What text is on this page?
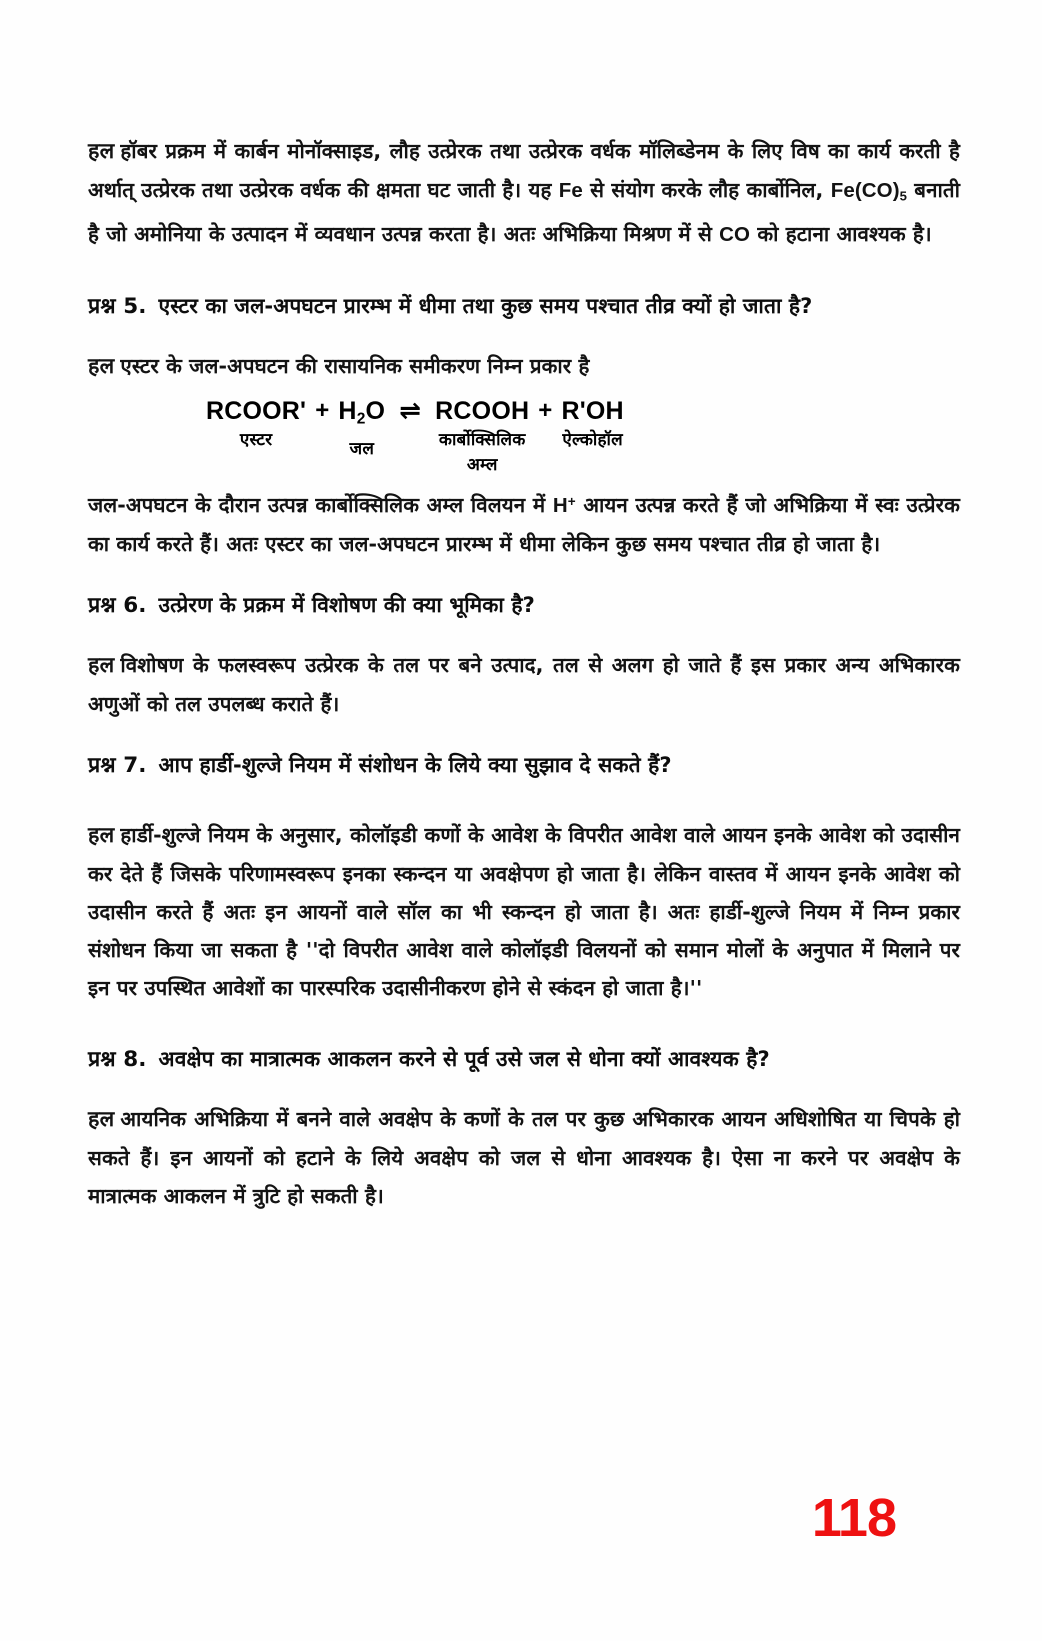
हल हॉबर प्रक्रम में कार्बन मोनॉक्साइड, लौह उत्प्रेरक तथा उत्प्रेरक वर्धक मॉलिब्डेनम के लिए विष का कार्य करती है अर्थात् उत्प्रेरक तथा उत्प्रेरक वर्धक की क्षमता घट जाती है। यह Fe से संयोग करके लौह कार्बोनिल, $Fe(CO)_5$ बनाती है जो अमोनिया के उत्पादन में व्यवधान उत्पन्न करता है। अतः अभिक्रिया मिश्रण में से CO को हटाना आवश्यक है।

प्रश्न 5. एस्टर का जल-अपघटन प्रारम्भ में धीमा तथा कुछ समय पश्चात तीव्र क्यों हो जाता है?

हल एस्टर के जल-अपघटन की रासायनिक समीकरण निम्न प्रकार है

RCOOR'
एस्टर
+ $H_2O$
जल
⇌ RCOOH
कार्बोक्सिलिक
अम्ल
+ R'OH
ऐल्कोहॉल

जल-अपघटन के दौरान उत्पन्न कार्बोक्सिलिक अम्ल विलयन में H+ आयन उत्पन्न करते हैं जो अभिक्रिया में स्वः उत्प्रेरक का कार्य करते हैं। अतः एस्टर का जल-अपघटन प्रारम्भ में धीमा लेकिन कुछ समय पश्चात तीव्र हो जाता है।

प्रश्न 6. उत्प्रेरण के प्रक्रम में विशोषण की क्या भूमिका है?

हल विशोषण के फलस्वरूप उत्प्रेरक के तल पर बने उत्पाद, तल से अलग हो जाते हैं इस प्रकार अन्य अभिकारक अणुओं को तल उपलब्ध कराते हैं।

प्रश्न 7. आप हार्डी-शुल्जे नियम में संशोधन के लिये क्या सुझाव दे सकते हैं?

हल हार्डी-शुल्जे नियम के अनुसार, कोलॉइडी कणों के आवेश के विपरीत आवेश वाले आयन इनके आवेश को उदासीन कर देते हैं जिसके परिणामस्वरूप इनका स्कन्दन या अवक्षेपण हो जाता है। लेकिन वास्तव में आयन इनके आवेश को उदासीन करते हैं अतः इन आयनों वाले सॉल का भी स्कन्दन हो जाता है। अतः हार्डी-शुल्जे नियम में निम्न प्रकार संशोधन किया जा सकता है ''दो विपरीत आवेश वाले कोलॉइडी विलयनों को समान मोलों के अनुपात में मिलाने पर इन पर उपस्थित आवेशों का पारस्परिक उदासीनीकरण होने से स्कंदन हो जाता है।''

प्रश्न 8. अवक्षेप का मात्रात्मक आकलन करने से पूर्व उसे जल से धोना क्यों आवश्यक है?

हल आयनिक अभिक्रिया में बनने वाले अवक्षेप के कणों के तल पर कुछ अभिकारक आयन अधिशोषित या चिपके हो सकते हैं। इन आयनों को हटाने के लिये अवक्षेप को जल से धोना आवश्यक है। ऐसा ना करने पर अवक्षेप के मात्रात्मक आकलन में त्रुटि हो सकती है।

118
